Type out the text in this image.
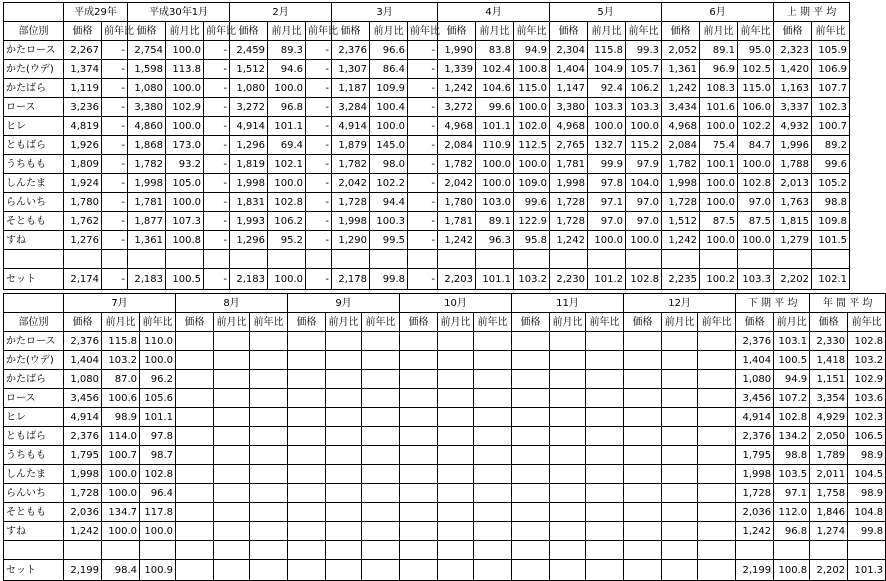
	平成29年		平成30年1月			2月			3月			4月			5月			6月			上 期 平 均	
部位別	価格	前年比	価格	前月比	前年比	価格	前月比	前年比	価格	前月比	前年比	価格	前月比	前年比	価格	前月比	前年比	価格	前月比	前年比	価格	前年比
かたロース	2,267	-	2,754	100.0	-	2,459	89.3	-	2,376	96.6	-	1,990	83.8	94.9	2,304	115.8	99.3	2,052	89.1	95.0	2,323	105.9
かた(ウデ)	1,374	-	1,598	113.8	-	1,512	94.6	-	1,307	86.4	-	1,339	102.4	100.8	1,404	104.9	105.7	1,361	96.9	102.5	1,420	106.9
かたばら	1,119	-	1,080	100.0	-	1,080	100.0	-	1,187	109.9	-	1,242	104.6	115.0	1,147	92.4	106.2	1,242	108.3	115.0	1,163	107.7
ロース	3,236	-	3,380	102.9	-	3,272	96.8	-	3,284	100.4	-	3,272	99.6	100.0	3,380	103.3	103.3	3,434	101.6	106.0	3,337	102.3
ヒレ	4,819	-	4,860	100.0	-	4,914	101.1	-	4,914	100.0	-	4,968	101.1	102.0	4,968	100.0	100.0	4,968	100.0	102.2	4,932	100.7
ともばら	1,926	-	1,868	173.0	-	1,296	69.4	-	1,879	145.0	-	2,084	110.9	112.5	2,765	132.7	115.2	2,084	75.4	84.7	1,996	89.2
うちもも	1,809	-	1,782	93.2	-	1,819	102.1	-	1,782	98.0	-	1,782	100.0	100.0	1,781	99.9	97.9	1,782	100.1	100.0	1,788	99.6
しんたま	1,924	-	1,998	105.0	-	1,998	100.0	-	2,042	102.2	-	2,042	100.0	109.0	1,998	97.8	104.0	1,998	100.0	102.8	2,013	105.2
らんいち	1,780	-	1,781	100.0	-	1,831	102.8	-	1,728	94.4	-	1,780	103.0	99.6	1,728	97.1	97.0	1,728	100.0	97.0	1,763	98.8
そともも	1,762	-	1,877	107.3	-	1,993	106.2	-	1,998	100.3	-	1,781	89.1	122.9	1,728	97.0	97.0	1,512	87.5	87.5	1,815	109.8
すね	1,276	-	1,361	100.8	-	1,296	95.2	-	1,290	99.5	-	1,242	96.3	95.8	1,242	100.0	100.0	1,242	100.0	100.0	1,279	101.5

セット	2,174	-	2,183	100.5	-	2,183	100.0	-	2,178	99.8	-	2,203	101.1	103.2	2,230	101.2	102.8	2,235	100.2	103.3	2,202	102.1
	7月			8月			9月			10月			11月			12月			下 期 平 均		年 間 平 均	
部位別	価格	前月比	前年比	価格	前月比	前年比	価格	前月比	前年比	価格	前月比	前年比	価格	前月比	前年比	価格	前月比	前年比	価格	前月比	価格	前年比
かたロース	2,376	115.8	110.0																2,376	103.1	2,330	102.8
かた(ウデ)	1,404	103.2	100.0																1,404	100.5	1,418	103.2
かたばら	1,080	87.0	96.2																1,080	94.9	1,151	102.9
ロース	3,456	100.6	105.6																3,456	107.2	3,354	103.6
ヒレ	4,914	98.9	101.1																4,914	102.8	4,929	102.3
ともばら	2,376	114.0	97.8																2,376	134.2	2,050	106.5
うちもも	1,795	100.7	98.7																1,795	98.8	1,789	98.9
しんたま	1,998	100.0	102.8																1,998	103.5	2,011	104.5
らんいち	1,728	100.0	96.4																1,728	97.1	1,758	98.9
そともも	2,036	134.7	117.8																2,036	112.0	1,846	104.8
すね	1,242	100.0	100.0																1,242	96.8	1,274	99.8

セット	2,199	98.4	100.9																2,199	100.8	2,202	101.3
